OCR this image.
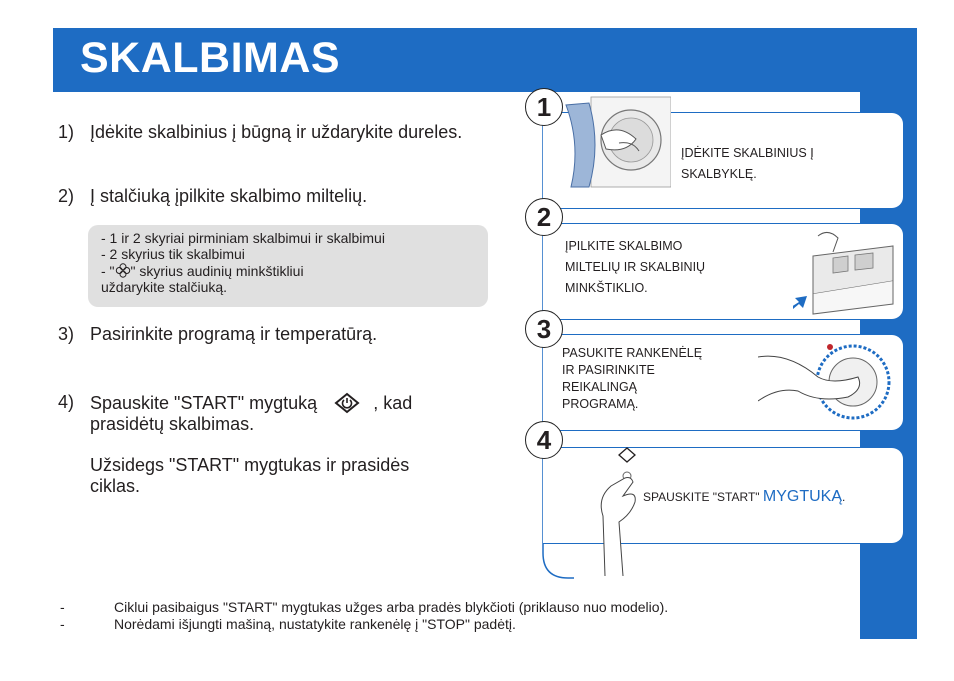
SKALBIMAS
1) Įdėkite skalbinius į būgną ir uždarykite dureles.
2) Į stalčiuką įpilkite skalbimo miltelių.
- 1 ir 2 skyriai pirminiam skalbimui ir skalbimui
- 2 skyrius tik skalbimui
- " " skyrius audinių minkštikliui
uždarykite stalčiuką.
3) Pasirinkite programą ir temperatūrą.
4) Spauskite "START" mygtuką	, kad
prasidėtų skalbimas.
Užsidegs "START" mygtukas ir prasidės
ciklas.
ĮDĖKITE SKALBINIUS Į
SKALBYKLĘ.
1
ĮPILKITE SKALBIMO
MILTELIŲ IR SKALBINIŲ
MINKŠTIKLIO.
2
PASUKITE RANKENĖLĘ
IR PASIRINKITE
REIKALINGĄ
PROGRAMĄ.
3
SPAUSKITE "START" MYGTUKĄ.
4
-	Ciklui pasibaigus "START" mygtukas užges arba pradės blykčioti (priklauso nuo modelio).
-	Norėdami išjungti mašiną, nustatykite rankenėlę į "STOP" padėtį.
